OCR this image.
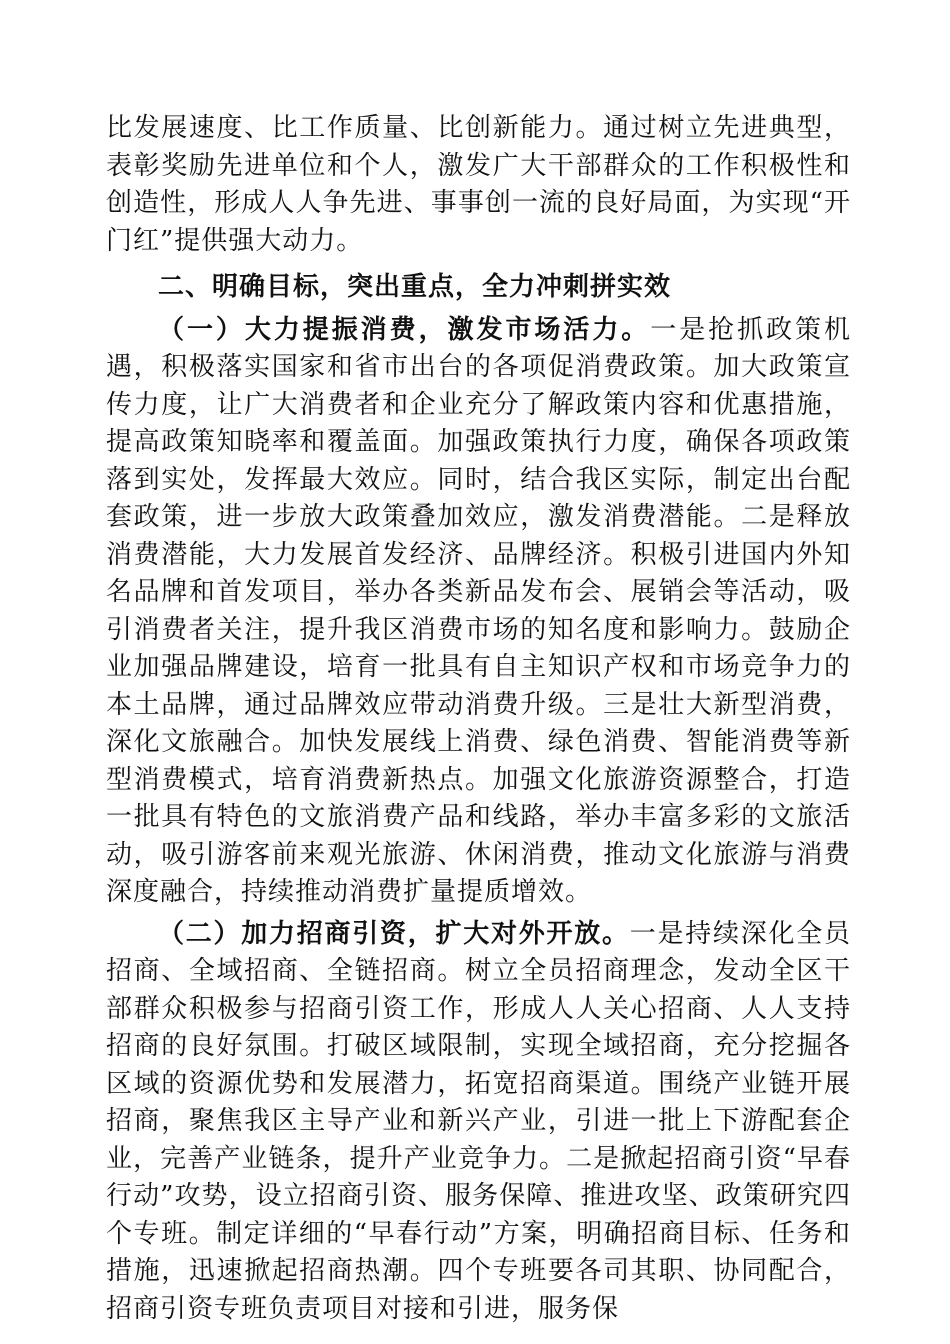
比发展速度、比工作质量、比创新能力。通过树立先进典型，表彰奖励先进单位和个人，激发广大干部群众的工作积极性和创造性，形成人人争先进、事事创一流的良好局面，为实现“开门红”提供强大动力。

二、明确目标，突出重点，全力冲刺拼实效

（一）大力提振消费，激发市场活力。一是抢抓政策机遇，积极落实国家和省市出台的各项促消费政策。加大政策宣传力度，让广大消费者和企业充分了解政策内容和优惠措施，提高政策知晓率和覆盖面。加强政策执行力度，确保各项政策落到实处，发挥最大效应。同时，结合我区实际，制定出台配套政策，进一步放大政策叠加效应，激发消费潜能。二是释放消费潜能，大力发展首发经济、品牌经济。积极引进国内外知名品牌和首发项目，举办各类新品发布会、展销会等活动，吸引消费者关注，提升我区消费市场的知名度和影响力。鼓励企业加强品牌建设，培育一批具有自主知识产权和市场竞争力的本土品牌，通过品牌效应带动消费升级。三是壮大新型消费，深化文旅融合。加快发展线上消费、绿色消费、智能消费等新型消费模式，培育消费新热点。加强文化旅游资源整合，打造一批具有特色的文旅消费产品和线路，举办丰富多彩的文旅活动，吸引游客前来观光旅游、休闲消费，推动文化旅游与消费深度融合，持续推动消费扩量提质增效。

（二）加力招商引资，扩大对外开放。一是持续深化全员招商、全域招商、全链招商。树立全员招商理念，发动全区干部群众积极参与招商引资工作，形成人人关心招商、人人支持招商的良好氛围。打破区域限制，实现全域招商，充分挖掘各区域的资源优势和发展潜力，拓宽招商渠道。围绕产业链开展招商，聚焦我区主导产业和新兴产业，引进一批上下游配套企业，完善产业链条，提升产业竞争力。二是掀起招商引资“早春行动”攻势，设立招商引资、服务保障、推进攻坚、政策研究四个专班。制定详细的“早春行动”方案，明确招商目标、任务和措施，迅速掀起招商热潮。四个专班要各司其职、协同配合，招商引资专班负责项目对接和引进，服务保
